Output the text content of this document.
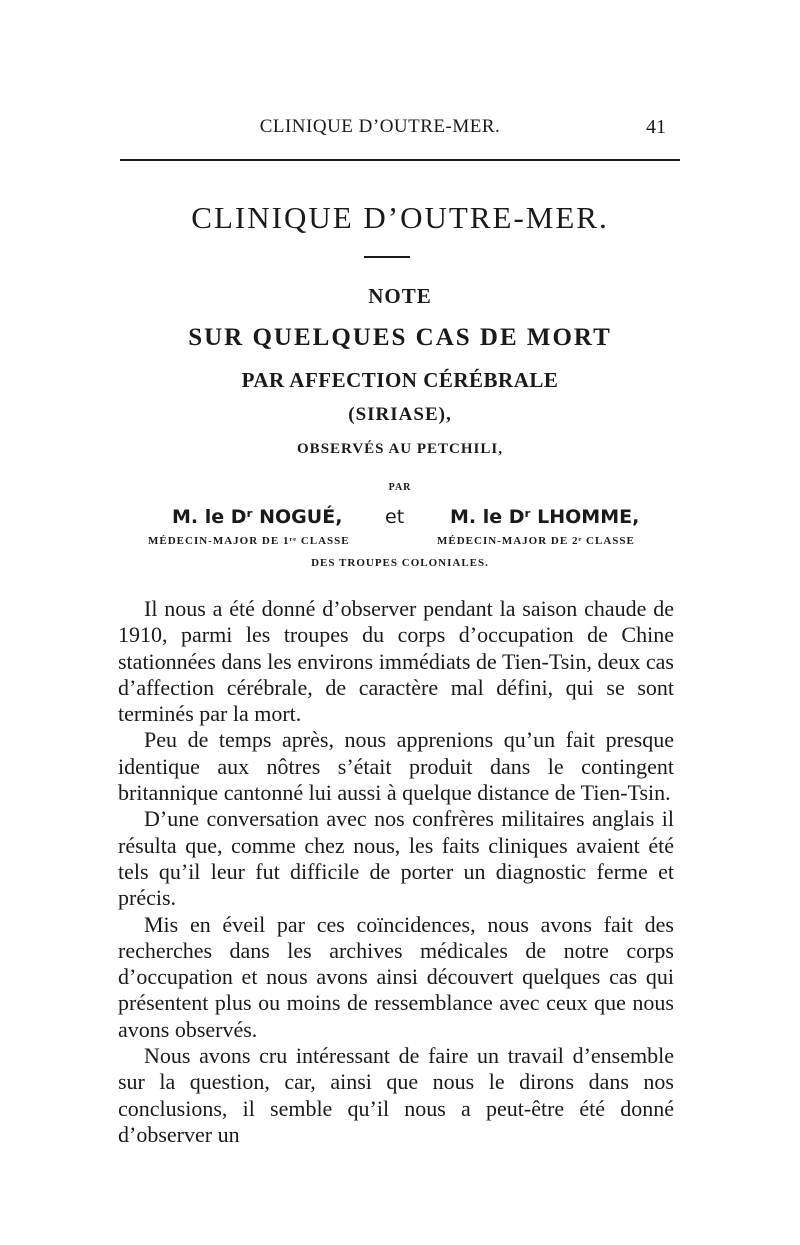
CLINIQUE D’OUTRE-MER.	41
CLINIQUE D’OUTRE-MER.
NOTE
SUR QUELQUES CAS DE MORT
PAR AFFECTION CÉRÉBRALE
(SIRIASE),
OBSERVÉS AU PETCHILI,
PAR
M. le Dʳ NOGUÉ, et M. le Dʳ LHOMME,
MÉDECIN-MAJOR DE 1ʳᵉ CLASSE	MÉDECIN-MAJOR DE 2ᵉ CLASSE
DES TROUPES COLONIALES.

Il nous a été donné d’observer pendant la saison chaude de 1910, parmi les troupes du corps d’occupation de Chine stationnées dans les environs immédiats de Tien-Tsin, deux cas d’affection cérébrale, de caractère mal défini, qui se sont terminés par la mort.

Peu de temps après, nous apprenions qu’un fait presque identique aux nôtres s’était produit dans le contingent britannique cantonné lui aussi à quelque distance de Tien-Tsin.

D’une conversation avec nos confrères militaires anglais il résulta que, comme chez nous, les faits cliniques avaient été tels qu’il leur fut difficile de porter un diagnostic ferme et précis.

Mis en éveil par ces coïncidences, nous avons fait des recherches dans les archives médicales de notre corps d’occupation et nous avons ainsi découvert quelques cas qui présentent plus ou moins de ressemblance avec ceux que nous avons observés.

Nous avons cru intéressant de faire un travail d’ensemble sur la question, car, ainsi que nous le dirons dans nos conclusions, il semble qu’il nous a peut-être été donné d’observer un
